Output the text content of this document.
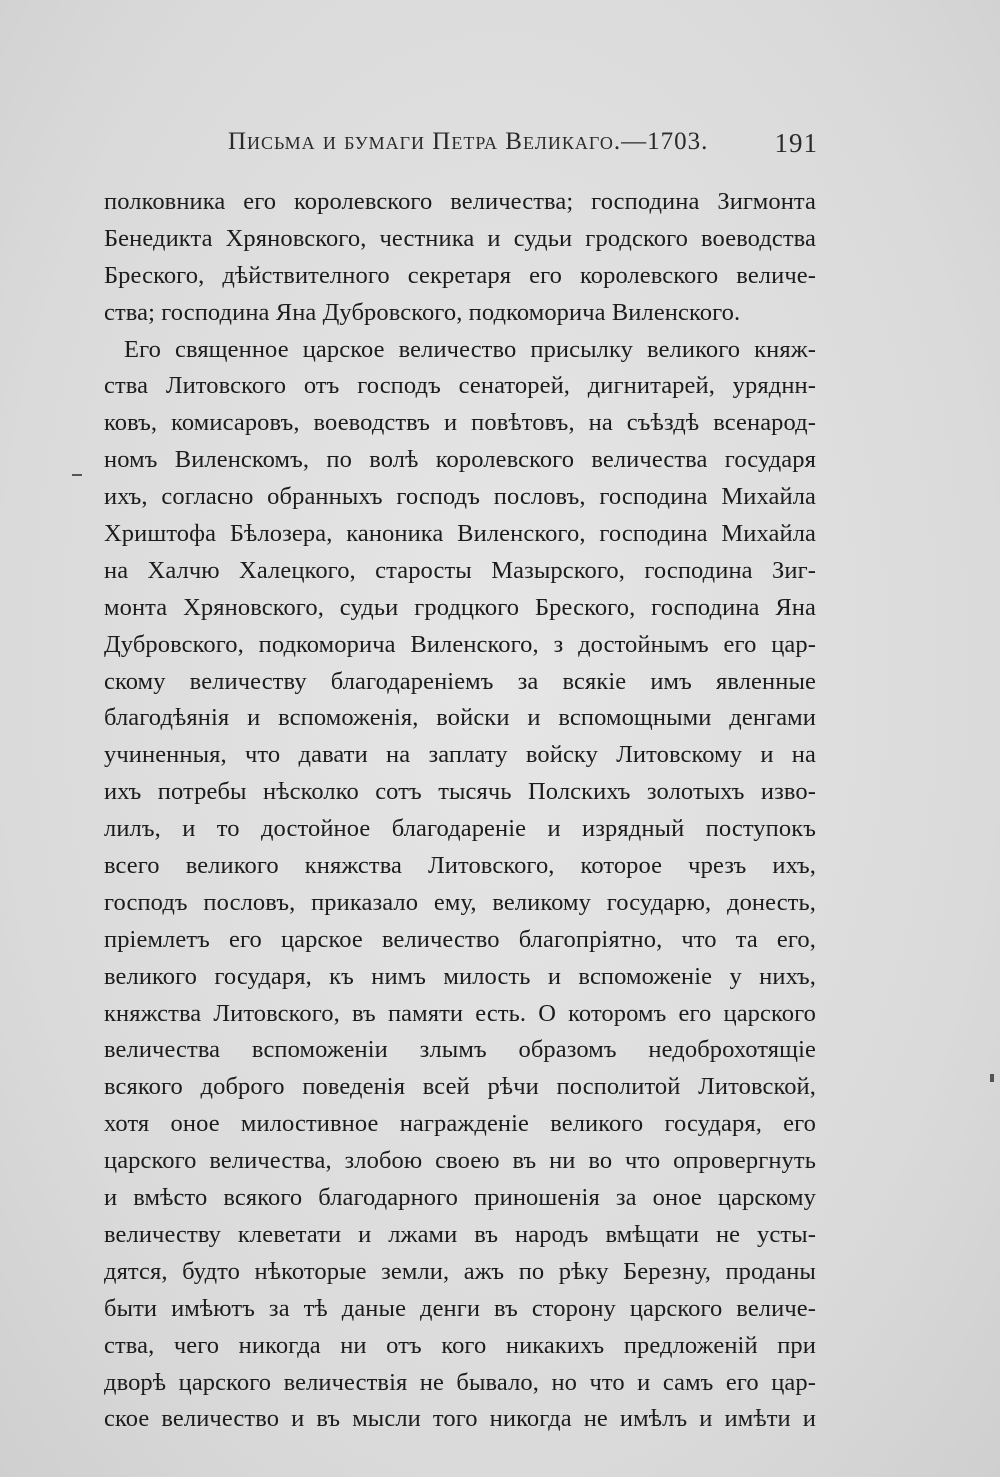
Письма и бумаги Петра Великаго.—1703. 191
полковника его королевского величества; господина Зигмонта
Бенедикта Хряновского, честника и судьи гродского воеводства
Бреского, дѣйствителного секретаря его королевского величе-
ства; господина Яна Дубровского, подкоморича Виленского.
Его священное царское величество присылку великого княж-
ства Литовского отъ господъ сенаторей, дигнитарей, уряднн-
ковъ, комисаровъ, воеводствъ и повѣтовъ, на съѣздѣ всенарод-
номъ Виленскомъ, по волѣ королевского величества государя
ихъ, согласно обранныхъ господъ пословъ, господина Михайла
Хриштофа Бѣлозера, каноника Виленского, господина Михайла
на Халчю Халецкого, старосты Мазырского, господина Зиг-
монта Хряновского, судьи гродцкого Бреского, господина Яна
Дубровского, подкоморича Виленского, з достойнымъ его цар-
скому величеству благодареніемъ за всякіе имъ явленные
благодѣянія и вспоможенія, войски и вспомощными денгами
учиненныя, что давати на заплату войску Литовскому и на
ихъ потребы нѣсколко сотъ тысячь Полскихъ золотыхъ изво-
лилъ, и то достойное благодареніе и изрядный поступокъ
всего великого княжства Литовского, которое чрезъ ихъ,
господъ пословъ, приказало ему, великому государю, донесть,
пріемлетъ его царское величество благопріятно, что та его,
великого государя, къ нимъ милость и вспоможеніе у нихъ,
княжства Литовского, въ памяти есть. О которомъ его царского
величества вспоможеніи злымъ образомъ недоброхотящіе
всякого доброго поведенія всей рѣчи посполитой Литовской,
хотя оное милостивное награжденіе великого государя, его
царского величества, злобою своею въ ни во что опровергнуть
и вмѣсто всякого благодарного приношенія за оное царскому
величеству клеветати и лжами въ народъ вмѣщати не усты-
дятся, будто нѣкоторые земли, ажъ по рѣку Березну, проданы
быти имѣютъ за тѣ даные денги въ сторону царского величе-
ства, чего никогда ни отъ кого никакихъ предложеній при
дворѣ царского величествія не бывало, но что и самъ его цар-
ское величество и въ мысли того никогда не имѣлъ и имѣти и
